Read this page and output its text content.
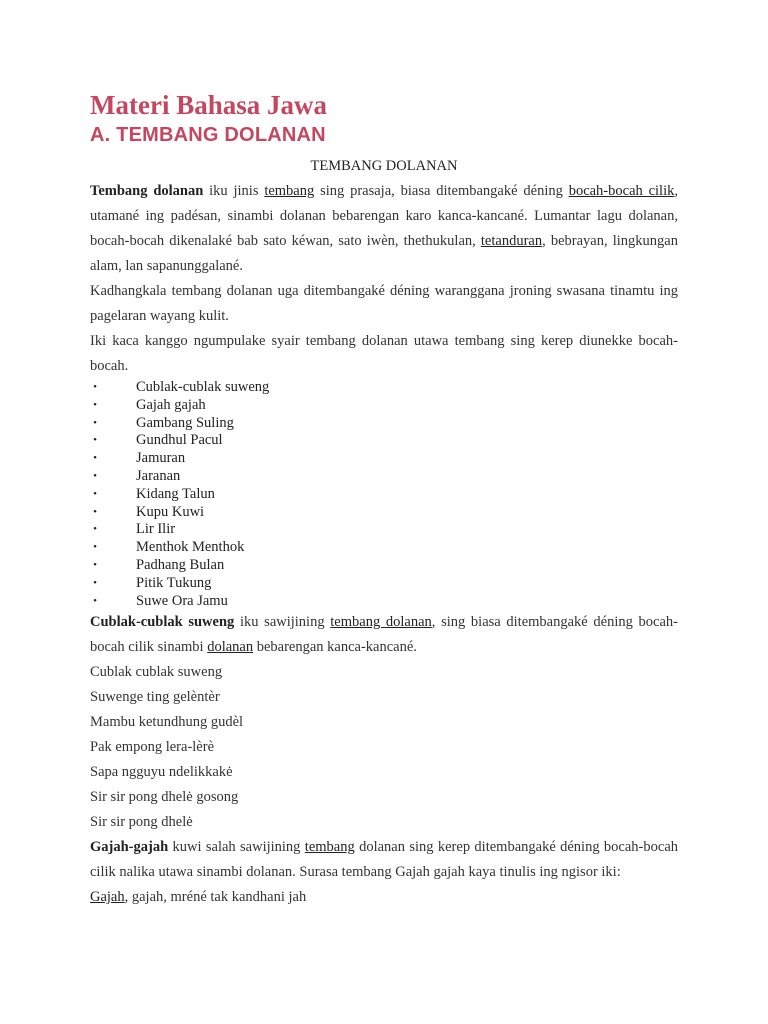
Materi Bahasa Jawa
A. TEMBANG DOLANAN
TEMBANG DOLANAN

Tembang dolanan iku jinis tembang sing prasaja, biasa ditembangaké déning bocah-bocah cilik, utamané ing padésan, sinambi dolanan bebarengan karo kanca-kancané. Lumantar lagu dolanan, bocah-bocah dikenalaké bab sato kéwan, sato iwèn, thethukulan, tetanduran, bebrayan, lingkungan alam, lan sapanunggalané.

Kadhangkala tembang dolanan uga ditembangaké déning waranggana jroning swasana tinamtu ing pagelaran wayang kulit.

Iki kaca kanggo ngumpulake syair tembang dolanan utawa tembang sing kerep diunekke bocah-bocah.

•	Cublak-cublak suweng
•	Gajah gajah
•	Gambang Suling
•	Gundhul Pacul
•	Jamuran
•	Jaranan
•	Kidang Talun
•	Kupu Kuwi
•	Lir Ilir
•	Menthok Menthok
•	Padhang Bulan
•	Pitik Tukung
•	Suwe Ora Jamu

Cublak-cublak suweng iku sawijining tembang dolanan, sing biasa ditembangaké déning bocah-bocah cilik sinambi dolanan bebarengan kanca-kancané.

Cublak cublak suweng

Suwenge ting gelèntèr

Mambu ketundhung gudèl

Pak empong lera-lèrè

Sapa ngguyu ndelikkakė

Sir sir pong dhelė gosong

Sir sir pong dhelė

Gajah-gajah kuwi salah sawijining tembang dolanan sing kerep ditembangaké déning bocah-bocah cilik nalika utawa sinambi dolanan. Surasa tembang Gajah gajah kaya tinulis ing ngisor iki:

Gajah, gajah, mréné tak kandhani jah
